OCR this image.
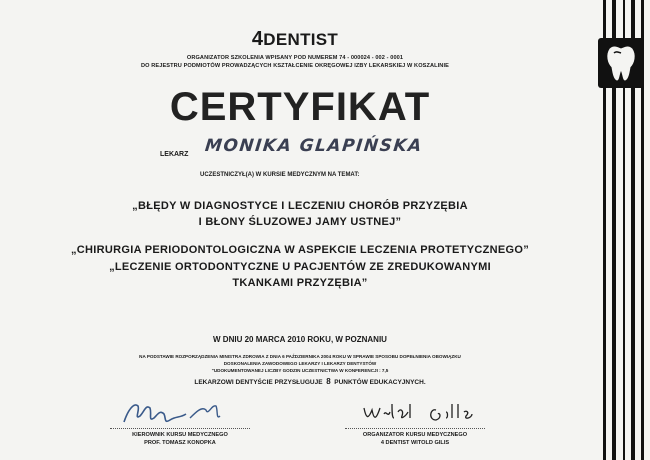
4DENTIST
ORGANIZATOR SZKOLENIA WPISANY POD NUMEREM 74 - 000024 - 002 - 0001
DO REJESTRU PODMIOTÓW PROWADZĄCYCH KSZTAŁCENIE OKRĘGOWEJ IZBY LEKARSKIEJ W KOSZALINIE
CERTYFIKAT
LEKARZ MONIKA GLAPIŃSKA
UCZESTNICZYŁ(A) W KURSIE MEDYCZNYM NA TEMAT:
„BŁĘDY W DIAGNOSTYCE I LECZENIU CHORÓB PRZYZĘBIA
I BŁONY ŚLUZOWEJ JAMY USTNEJ”
„CHIRURGIA PERIODONTOLOGICZNA W ASPEKCIE LECZENIA PROTETYCZNEGO”
„LECZENIE ORTODONTYCZNE U PACJENTÓW ZE ZREDUKOWANYMI
TKANKAMI PRZYZĘBIA”
W DNIU 20 MARCA 2010 ROKU, W POZNANIU
NA PODSTAWIE ROZPORZĄDZENIA MINISTRA ZDROWIA Z DNIA 6 PAŹDZIERNIKA 2004 ROKU W SPRAWIE SPOSOBU DOPEŁNIENIA OBOWIĄZKU
DOSKONALENIA ZAWODOWEGO LEKARZY I LEKARZY DENTYSTÓW
"UDOKUMENTOWANEJ LICZBY GODZIN UCZESTNICTWA W KONFERENCJI : 7,5
LEKARZOWI DENTYŚCIE PRZYSŁUGUJE 8 PUNKTÓW EDUKACYJNYCH.
KIEROWNIK KURSU MEDYCZNEGO
PROF. TOMASZ KONOPKA
ORGANIZATOR KURSU MEDYCZNEGO
4 DENTIST WITOLD GILIS
